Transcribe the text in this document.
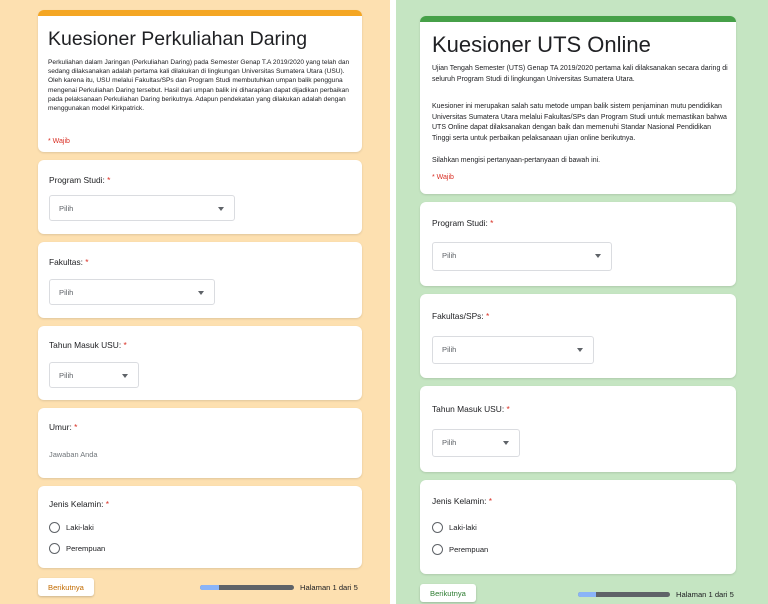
Kuesioner Perkuliahan Daring
Perkuliahan dalam Jaringan (Perkuliahan Daring) pada Semester Genap T.A 2019/2020 yang telah dan sedang dilaksanakan adalah pertama kali dilakukan di lingkungan Universitas Sumatera Utara (USU). Oleh karena itu, USU melalui Fakultas/SPs dan Program Studi membutuhkan umpan balik pengguna mengenai Perkuliahan Daring tersebut. Hasil dari umpan balik ini diharapkan dapat dijadikan perbaikan pada pelaksanaan Perkuliahan Daring berikutnya. Adapun pendekatan yang dilakukan adalah dengan menggunakan model Kirkpatrick.
* Wajib
Program Studi: *
Pilih
Fakultas: *
Pilih
Tahun Masuk USU: *
Pilih
Umur: *
Jawaban Anda
Jenis Kelamin: *
Laki-laki
Perempuan
Berikutnya	Halaman 1 dari 5
Kuesioner UTS Online
Ujian Tengah Semester (UTS) Genap TA 2019/2020 pertama kali dilaksanakan secara daring di seluruh Program Studi di lingkungan Universitas Sumatera Utara.
Kuesioner ini merupakan salah satu metode umpan balik sistem penjaminan mutu pendidikan Universitas Sumatera Utara melalui Fakultas/SPs dan Program Studi untuk memastikan bahwa UTS Online dapat dilaksanakan dengan baik dan memenuhi Standar Nasional Pendidikan Tinggi serta untuk perbaikan pelaksanaan ujian online berikutnya.
Silahkan mengisi pertanyaan-pertanyaan di bawah ini.
* Wajib
Program Studi: *
Pilih
Fakultas/SPs: *
Pilih
Tahun Masuk USU: *
Pilih
Jenis Kelamin: *
Laki-laki
Perempuan
Berikutnya	Halaman 1 dari 5
